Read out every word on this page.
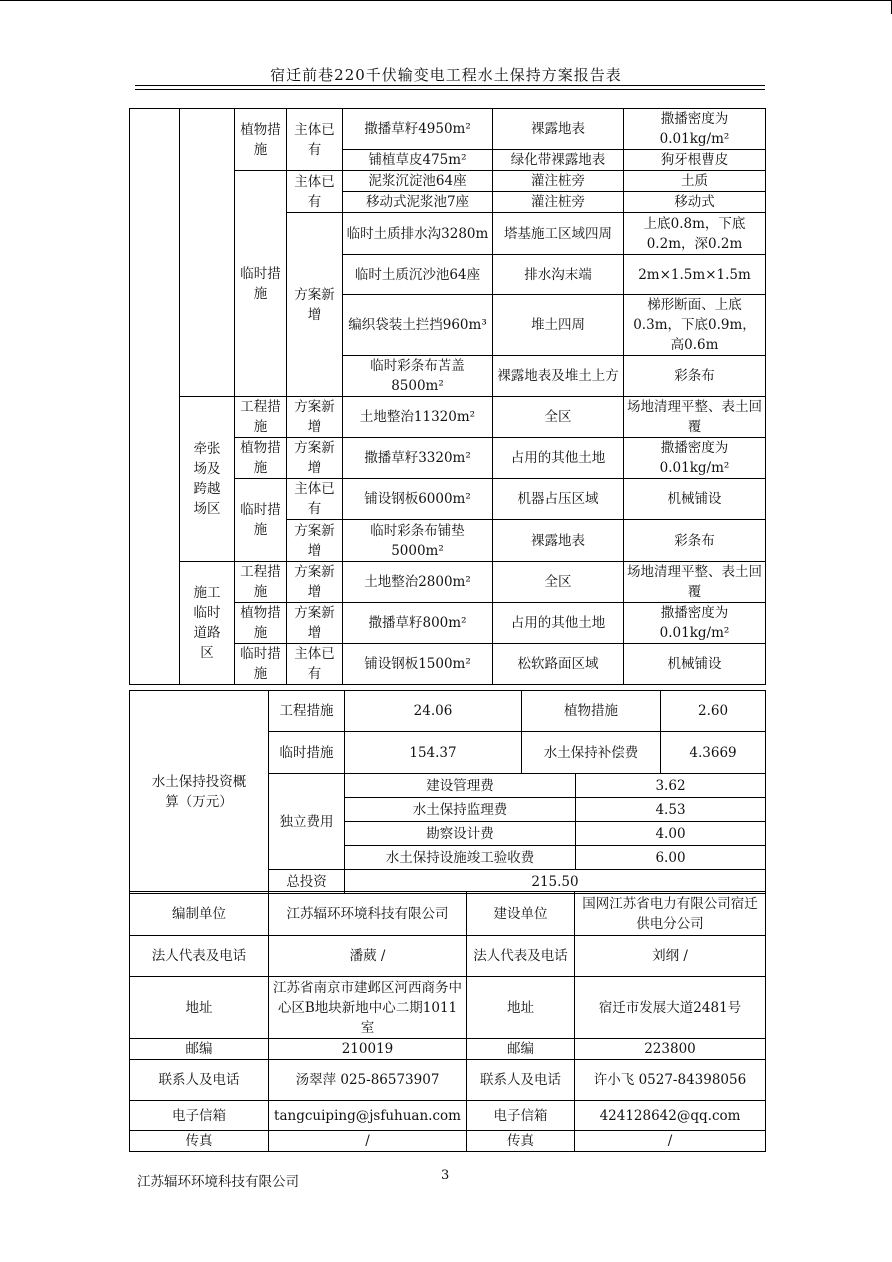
宿迁前巷220千伏输变电工程水土保持方案报告表
		植物措施	主体已有	撒播草籽4950m²	裸露地表	撒播密度为0.01kg/m²
				铺植草皮475m²	绿化带裸露地表	狗牙根曹皮
		临时措施	主体已有	泥浆沉淀池64座	灌注桩旁	土质
				移动式泥浆池7座	灌注桩旁	移动式
			方案新增	临时土质排水沟3280m	塔基施工区域四周	上底0.8m，下底0.2m，深0.2m
				临时土质沉沙池64座	排水沟末端	2m×1.5m×1.5m
				编织袋装土拦挡960m³	堆土四周	梯形断面、上底0.3m，下底0.9m，高0.6m
				临时彩条布苫盖8500m²	裸露地表及堆土上方	彩条布
	牵张场及跨越场区	工程措施	方案新增	土地整治11320m²	全区	场地清理平整、表土回覆
		植物措施	方案新增	撒播草籽3320m²	占用的其他土地	撒播密度为0.01kg/m²
		临时措施	主体已有	铺设钢板6000m²	机器占压区域	机械铺设
			方案新增	临时彩条布铺垫5000m²	裸露地表	彩条布
	施工临时道路区	工程措施	方案新增	土地整治2800m²	全区	场地清理平整、表土回覆
		植物措施	方案新增	撒播草籽800m²	占用的其他土地	撒播密度为0.01kg/m²
		临时措施	主体已有	铺设钢板1500m²	松软路面区域	机械铺设
水土保持投资概算（万元）	工程措施	24.06	植物措施		2.60
	临时措施	154.37	水土保持补偿费		4.3669
	独立费用	建设管理费		3.62	
		水土保持监理费		4.53	
		勘察设计费		4.00	
		水土保持设施竣工验收费		6.00	
	总投资	215.50			
编制单位	江苏辐环环境科技有限公司	建设单位	国网江苏省电力有限公司宿迁供电分公司
法人代表及电话	潘葳 /	法人代表及电话	刘纲 /
地址	江苏省南京市建邺区河西商务中心区B地块新地中心二期1011室	地址	宿迁市发展大道2481号
邮编	210019	邮编	223800
联系人及电话	汤翠萍 025-86573907	联系人及电话	许小飞 0527-84398056
电子信箱	tangcuiping@jsfuhuan.com	电子信箱	424128642@qq.com
传真	/	传真	/
江苏辐环环境科技有限公司	3
